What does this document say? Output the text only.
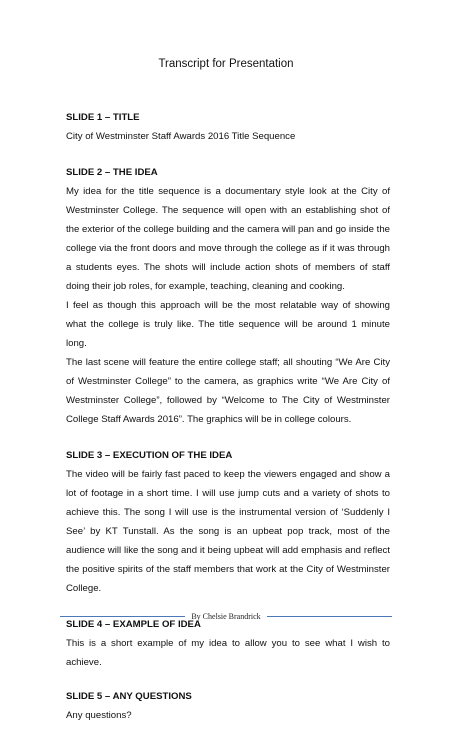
Transcript for Presentation

SLIDE 1 – TITLE

City of Westminster Staff Awards 2016 Title Sequence

SLIDE 2 – THE IDEA

My idea for the title sequence is a documentary style look at the City of Westminster College. The sequence will open with an establishing shot of the exterior of the college building and the camera will pan and go inside the college via the front doors and move through the college as if it was through a students eyes. The shots will include action shots of members of staff doing their job roles, for example, teaching, cleaning and cooking.

I feel as though this approach will be the most relatable way of showing what the college is truly like. The title sequence will be around 1 minute long.

The last scene will feature the entire college staff; all shouting “We Are City of Westminster College” to the camera, as graphics write “We Are City of Westminster College”, followed by “Welcome to The City of Westminster College Staff Awards 2016”. The graphics will be in college colours.

SLIDE 3 – EXECUTION OF THE IDEA

The video will be fairly fast paced to keep the viewers engaged and show a lot of footage in a short time. I will use jump cuts and a variety of shots to achieve this. The song I will use is the instrumental version of ‘Suddenly I See’ by KT Tunstall. As the song is an upbeat pop track, most of the audience will like the song and it being upbeat will add emphasis and reflect the positive spirits of the staff members that work at the City of Westminster College.

SLIDE 4 – EXAMPLE OF IDEA

This is a short example of my idea to allow you to see what I wish to achieve.

SLIDE 5 – ANY QUESTIONS

Any questions?

By Chelsie Brandrick
